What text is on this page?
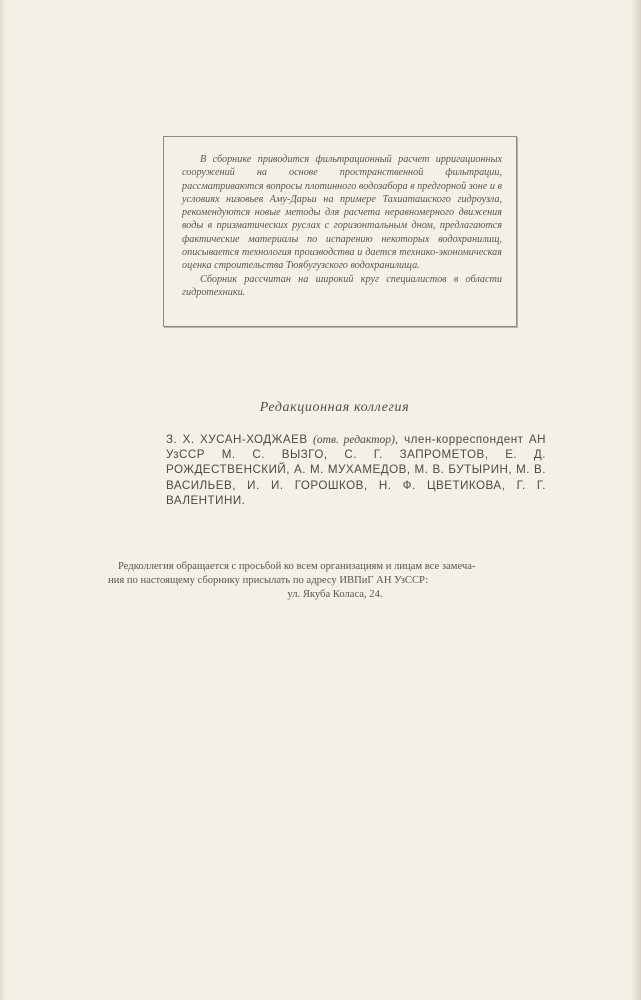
В сборнике приводится фильтрационный расчет ирригационных сооружений на основе пространственной фильтрации, рассматриваются вопросы плотинного водозабора в предгорной зоне и в условиях низовьев Аму-Дарьи на примере Тахиаташского гидроузла, рекомендуются новые методы для расчета неравномерного движения воды в призматических руслах с горизонтальным дном, предлагаются фактические материалы по испарению некоторых водохранилищ, описывается технология производства и дается технико-экономическая оценка строительства Тюябугузского водохранилища.

Сборник рассчитан на широкий круг специалистов в области гидротехники.

Редакционная коллегия

З. Х. ХУСАН-ХОДЖАЕВ (отв. редактор), член-корреспондент АН УзССР М. С. ВЫЗГО, С. Г. ЗАПРОМЕТОВ, Е. Д. РОЖДЕСТВЕНСКИЙ, А. М. МУХАМЕДОВ, М. В. БУТЫРИН, М. В. ВАСИЛЬЕВ, И. И. ГОРОШКОВ, Н. Ф. ЦВЕТИКОВА, Г. Г. ВАЛЕНТИНИ.

Редколлегия обращается с просьбой ко всем организациям и лицам все замеча-
ния по настоящему сборнику присылать по адресу ИВПиГ АН УзССР:
ул. Якуба Коласа, 24.
